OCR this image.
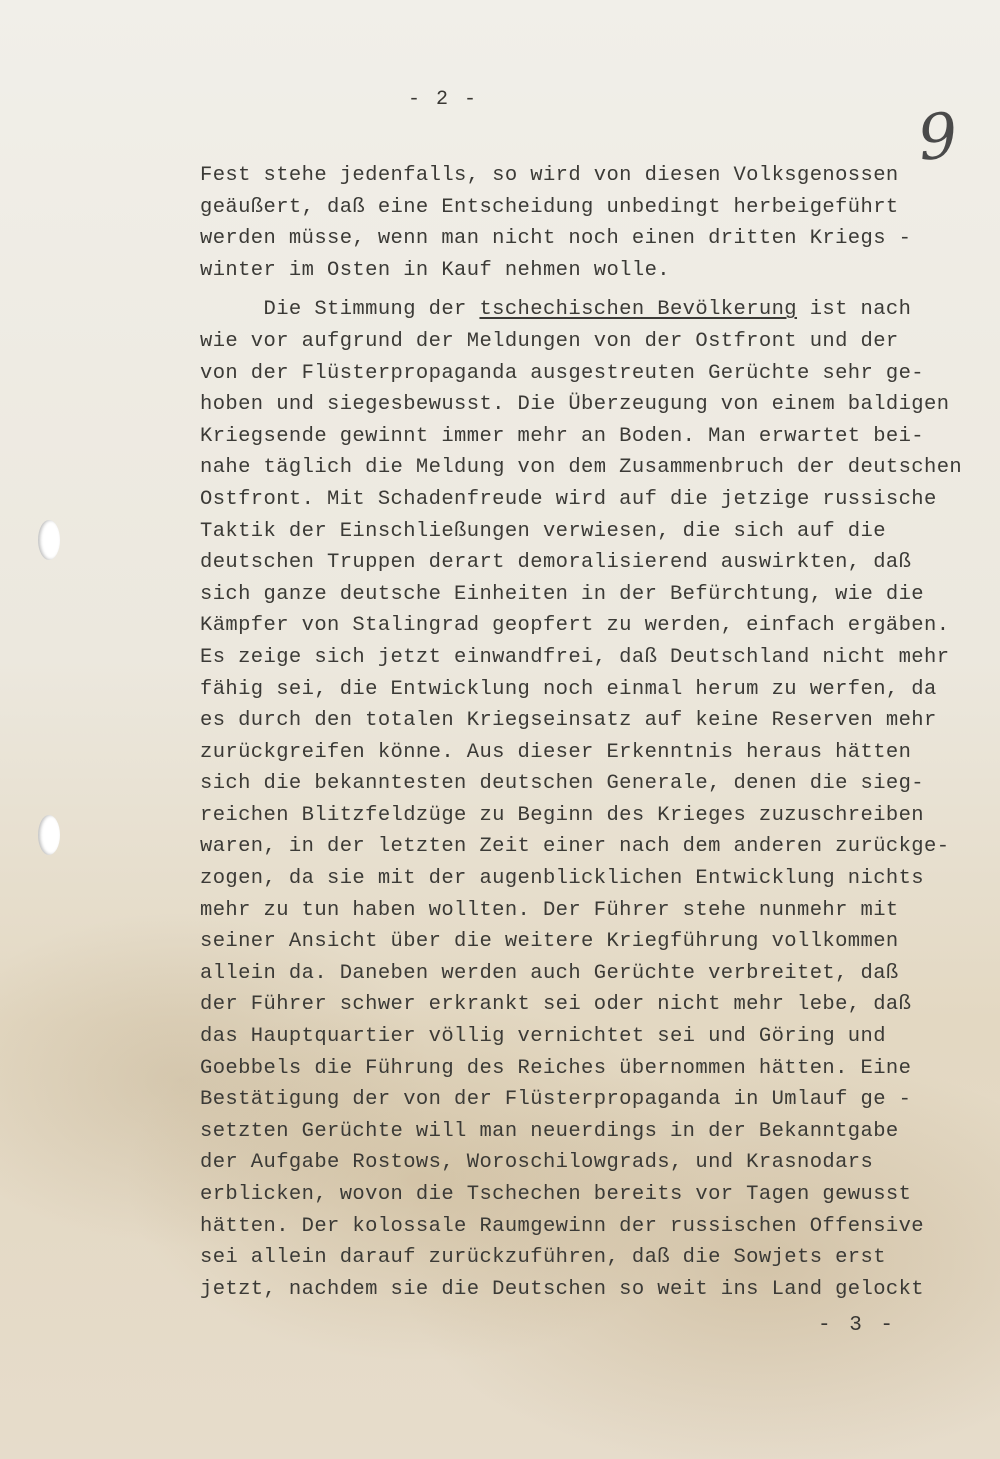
- 2 -	9
Fest stehe jedenfalls, so wird von diesen Volksgenossen
geäußert, daß eine Entscheidung unbedingt herbeigeführt
werden müsse, wenn man nicht noch einen dritten Kriegs -
winter im Osten in Kauf nehmen wolle.
Die Stimmung der tschechischen Bevölkerung ist nach
wie vor aufgrund der Meldungen von der Ostfront und der
von der Flüsterpropaganda ausgestreuten Gerüchte sehr ge-
hoben und siegesbewusst. Die Überzeugung von einem baldigen
Kriegsende gewinnt immer mehr an Boden. Man erwartet bei-
nahe täglich die Meldung von dem Zusammenbruch der deutschen
Ostfront. Mit Schadenfreude wird auf die jetzige russische
Taktik der Einschließungen verwiesen, die sich auf die
deutschen Truppen derart demoralisierend auswirkten, daß
sich ganze deutsche Einheiten in der Befürchtung, wie die
Kämpfer von Stalingrad geopfert zu werden, einfach ergäben.
Es zeige sich jetzt einwandfrei, daß Deutschland nicht mehr
fähig sei, die Entwicklung noch einmal herum zu werfen, da
es durch den totalen Kriegseinsatz auf keine Reserven mehr
zurückgreifen könne. Aus dieser Erkenntnis heraus hätten
sich die bekanntesten deutschen Generale, denen die sieg-
reichen Blitzfeldzüge zu Beginn des Krieges zuzuschreiben
waren, in der letzten Zeit einer nach dem anderen zurückge-
zogen, da sie mit der augenblicklichen Entwicklung nichts
mehr zu tun haben wollten. Der Führer stehe nunmehr mit
seiner Ansicht über die weitere Kriegführung vollkommen
allein da. Daneben werden auch Gerüchte verbreitet, daß
der Führer schwer erkrankt sei oder nicht mehr lebe, daß
das Hauptquartier völlig vernichtet sei und Göring und
Goebbels die Führung des Reiches übernommen hätten. Eine
Bestätigung der von der Flüsterpropaganda in Umlauf ge -
setzten Gerüchte will man neuerdings in der Bekanntgabe
der Aufgabe Rostows, Woroschilowgrads, und Krasnodars
erblicken, wovon die Tschechen bereits vor Tagen gewusst
hätten. Der kolossale Raumgewinn der russischen Offensive
sei allein darauf zurückzuführen, daß die Sowjets erst
jetzt, nachdem sie die Deutschen so weit ins Land gelockt
- 3 -
